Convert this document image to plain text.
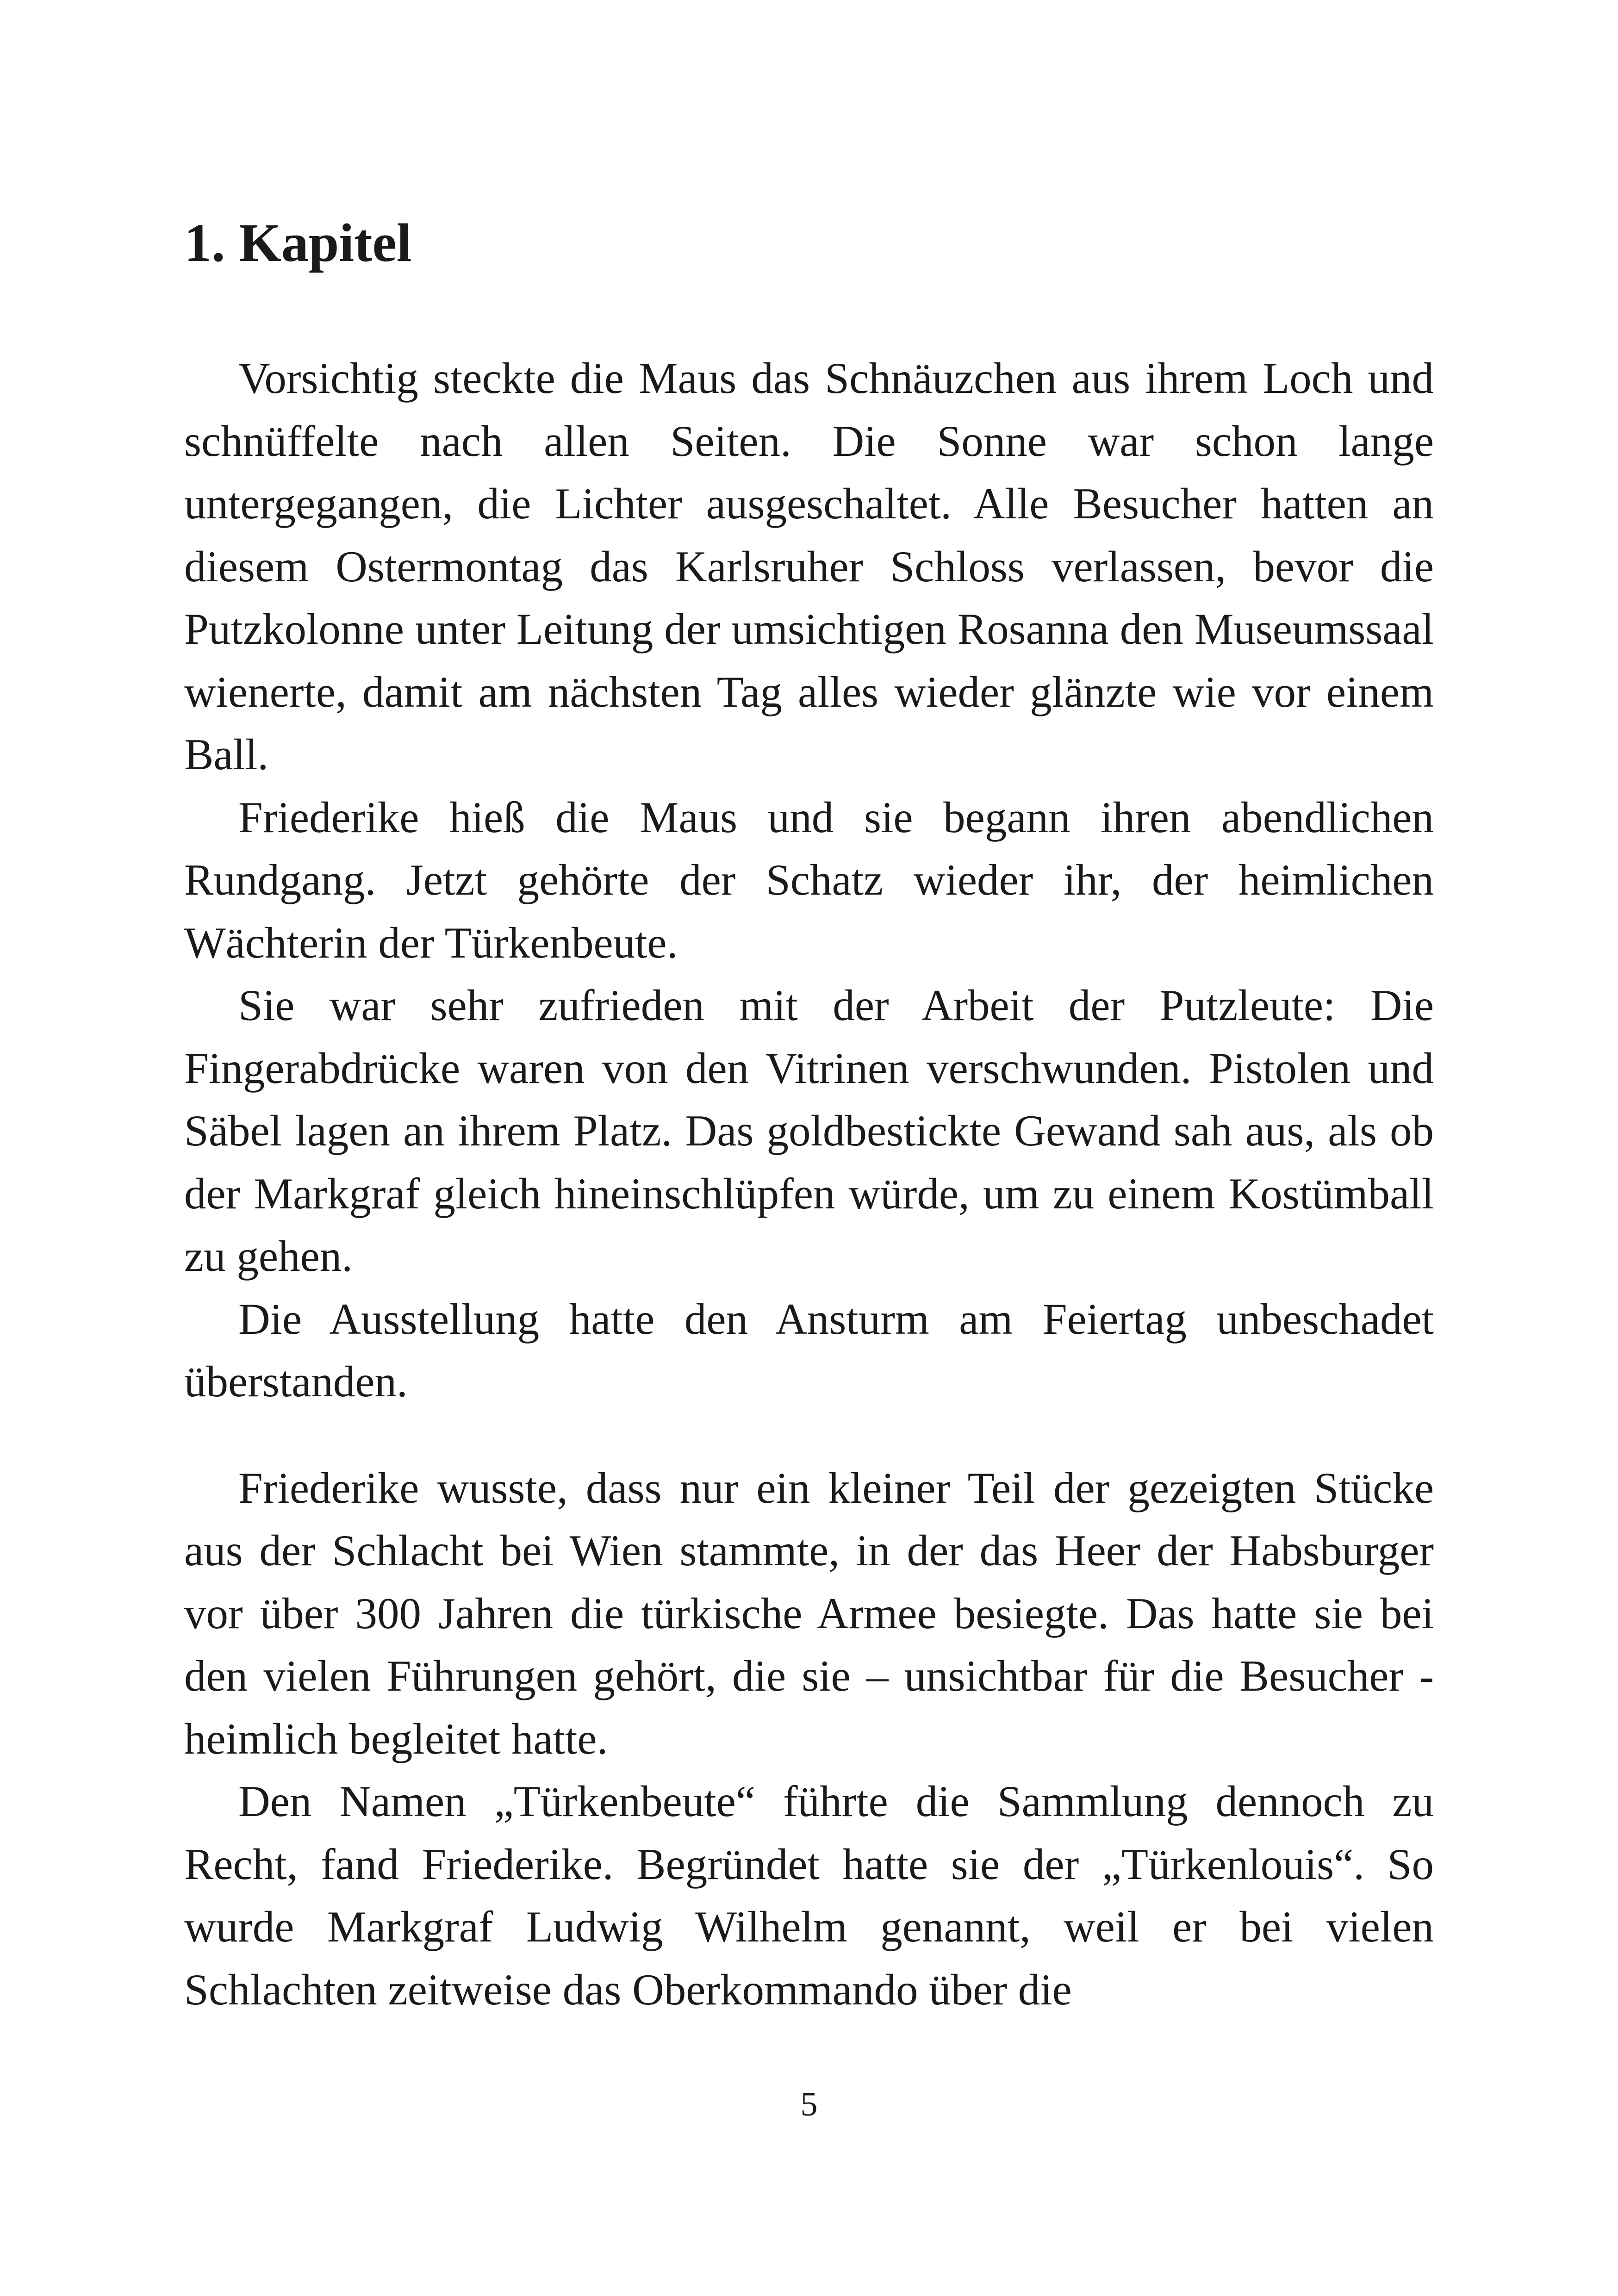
1. Kapitel

Vorsichtig steckte die Maus das Schnäuzchen aus ihrem Loch und schnüffelte nach allen Seiten. Die Sonne war schon lange untergegangen, die Lichter ausgeschaltet. Alle Besucher hatten an diesem Ostermontag das Karlsruher Schloss verlassen, bevor die Putzkolonne unter Leitung der umsichtigen Rosanna den Museumssaal wienerte, damit am nächsten Tag alles wieder glänzte wie vor einem Ball.

Friederike hieß die Maus und sie begann ihren abendlichen Rundgang. Jetzt gehörte der Schatz wieder ihr, der heimlichen Wächterin der Türkenbeute.

Sie war sehr zufrieden mit der Arbeit der Putzleute: Die Fingerabdrücke waren von den Vitrinen verschwunden. Pistolen und Säbel lagen an ihrem Platz. Das goldbestickte Gewand sah aus, als ob der Markgraf gleich hineinschlüpfen würde, um zu einem Kostümball zu gehen.

Die Ausstellung hatte den Ansturm am Feiertag unbeschadet überstanden.

Friederike wusste, dass nur ein kleiner Teil der gezeigten Stücke aus der Schlacht bei Wien stammte, in der das Heer der Habsburger vor über 300 Jahren die türkische Armee besiegte. Das hatte sie bei den vielen Führungen gehört, die sie – unsichtbar für die Besucher - heimlich begleitet hatte.

Den Namen „Türkenbeute“ führte die Sammlung dennoch zu Recht, fand Friederike. Begründet hatte sie der „Türkenlouis“. So wurde Markgraf Ludwig Wilhelm genannt, weil er bei vielen Schlachten zeitweise das Oberkommando über die

5
